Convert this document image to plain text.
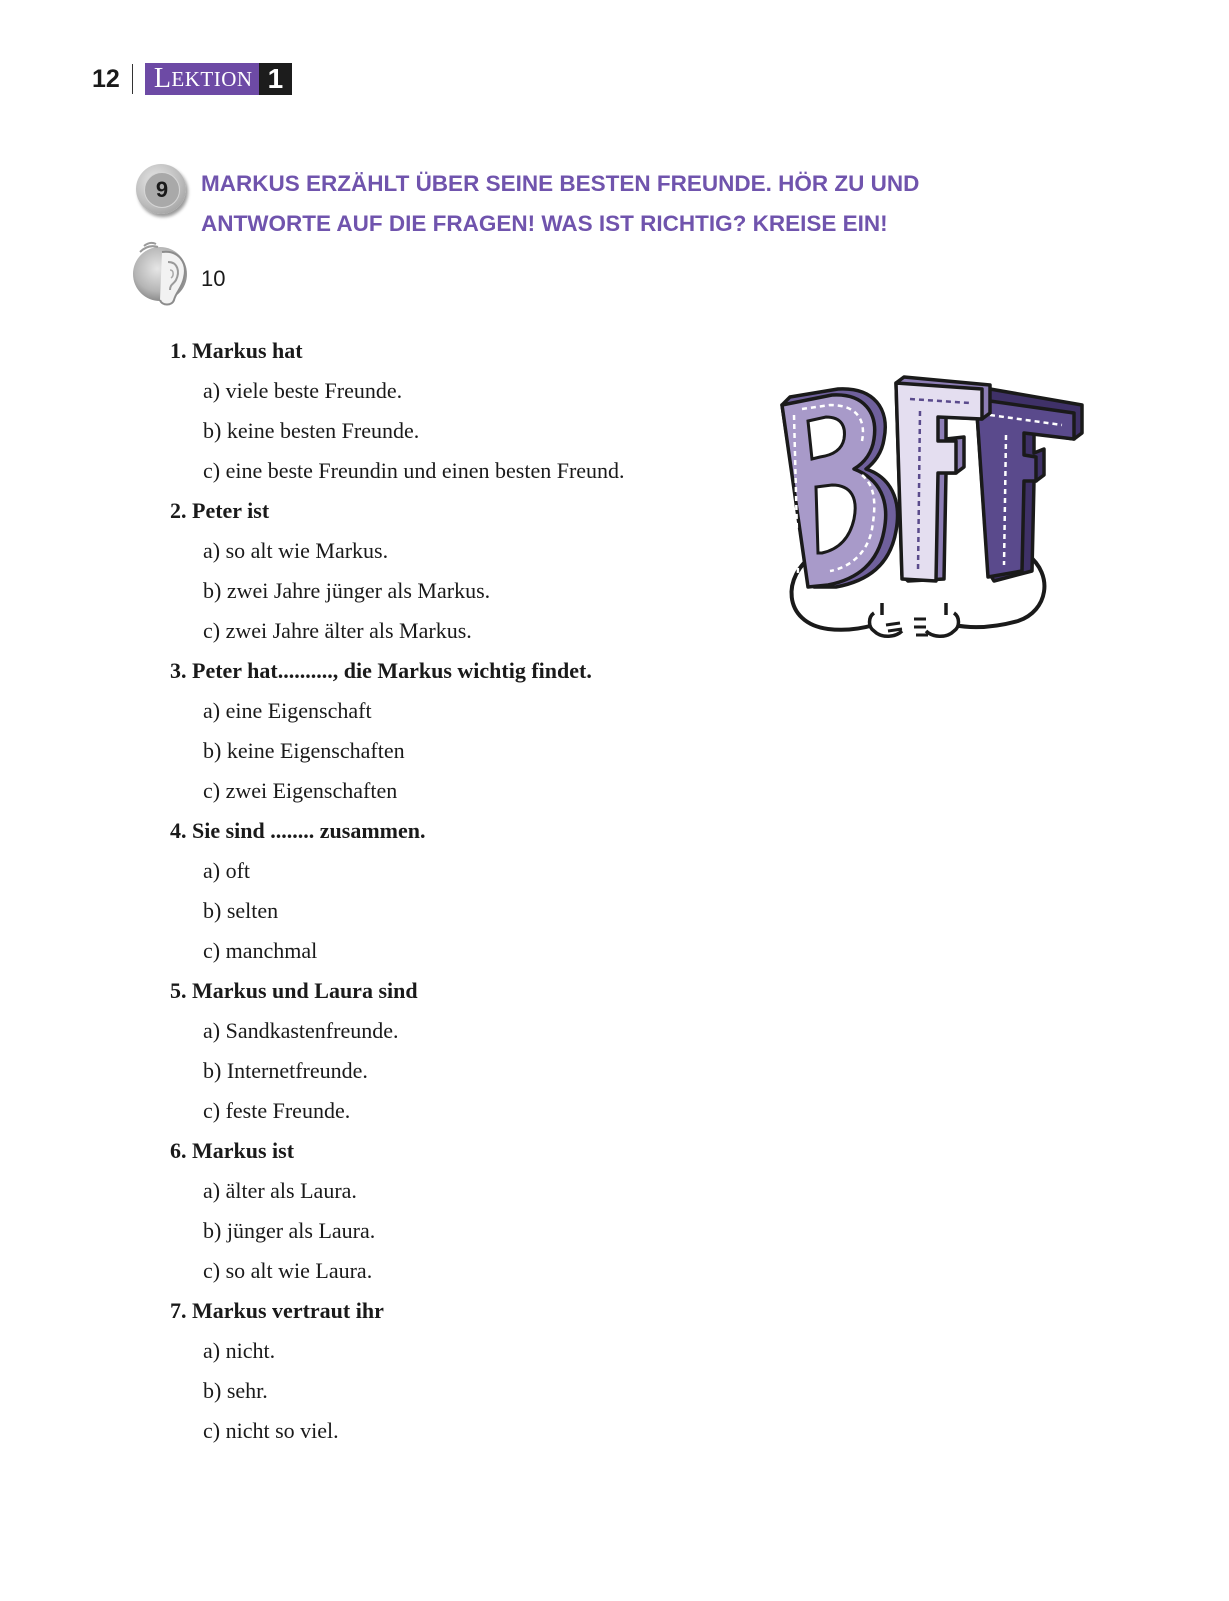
12 L EKTION 1
9	MARKUS ERZÄHLT ÜBER SEINE BESTEN FREUNDE. HÖR ZU UND
ANTWORTE AUF DIE FRAGEN! WAS IST RICHTIG? KREISE EIN!
10
1. Markus hat
a) viele beste Freunde.
b) keine besten Freunde.
c) eine beste Freundin und einen besten Freund.
2. Peter ist
a) so alt wie Markus.
b) zwei Jahre jünger als Markus.
c) zwei Jahre älter als Markus.
3. Peter hat.........., die Markus wichtig findet.
a) eine Eigenschaft
b) keine Eigenschaften
c) zwei Eigenschaften
4. Sie sind ........ zusammen.
a) oft
b) selten
c) manchmal
5. Markus und Laura sind
a) Sandkastenfreunde.
b) Internetfreunde.
c) feste Freunde.
6. Markus ist
a) älter als Laura.
b) jünger als Laura.
c) so alt wie Laura.
7. Markus vertraut ihr
a) nicht.
b) sehr.
c) nicht so viel.
